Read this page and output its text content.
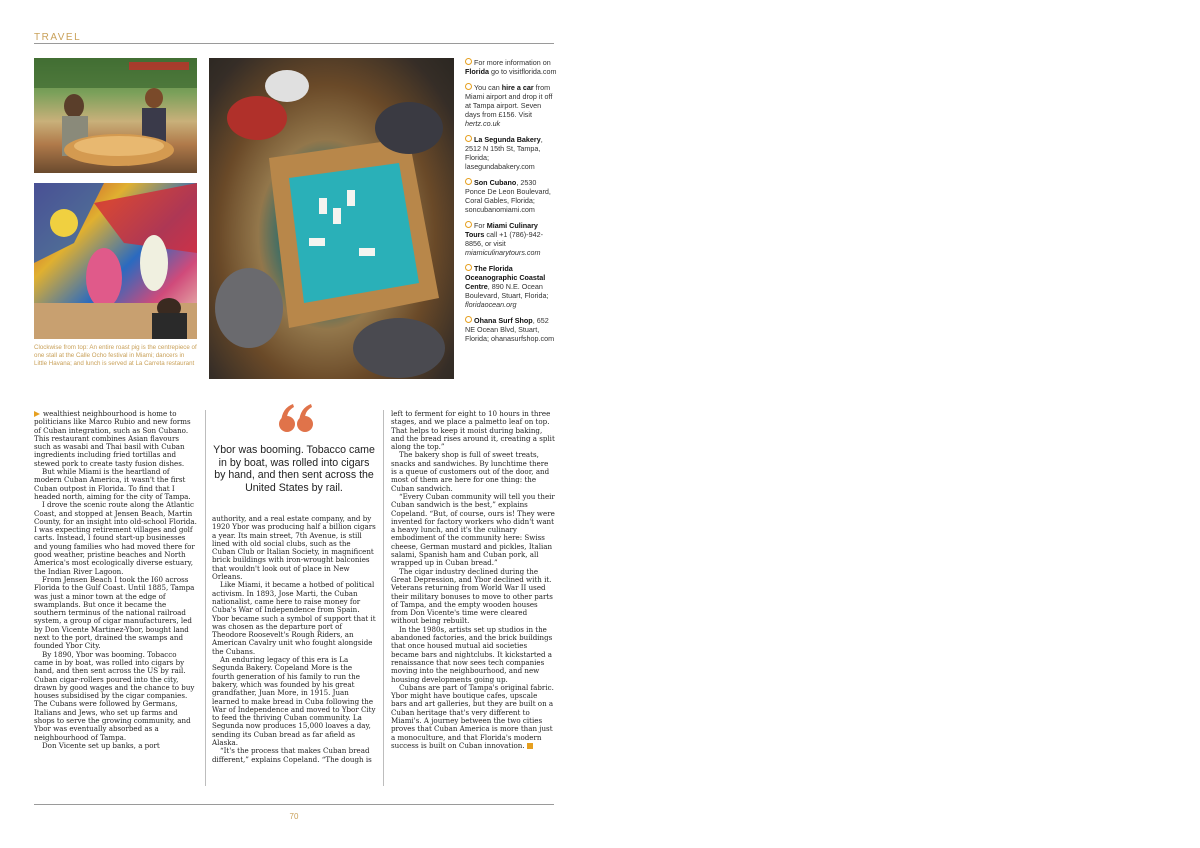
TRAVEL
Clockwise from top: An entire roast pig is the centrepiece of one stall at the Calle Ocho festival in Miami; dancers in Little Havana; and lunch is served at La Carreta restaurant
For more information on Florida go to visitflorida.com
You can hire a car from Miami airport and drop it off at Tampa airport. Seven days from £156. Visit hertz.co.uk
La Segunda Bakery, 2512 N 15th St, Tampa, Florida; lasegundabakery.com
Son Cubano, 2530 Ponce De Leon Boulevard, Coral Gables, Florida; soncubanomiami.com
For Miami Culinary Tours call +1 (786)-942-8856, or visit miamiculinarytours.com
The Florida Oceanographic Coastal Centre, 890 N.E. Ocean Boulevard, Stuart, Florida; floridaocean.org
Ohana Surf Shop, 652 NE Ocean Blvd, Stuart, Florida; ohanasurfshop.com

wealthiest neighbourhood is home to politicians like Marco Rubio and new forms of Cuban integration, such as Son Cubano. This restaurant combines Asian flavours such as wasabi and Thai basil with Cuban ingredients including fried tortillas and stewed pork to create tasty fusion dishes.

But while Miami is the heartland of modern Cuban America, it wasn't the first Cuban outpost in Florida. To find that I headed north, aiming for the city of Tampa.

I drove the scenic route along the Atlantic Coast, and stopped at Jensen Beach, Martin County, for an insight into old-school Florida. I was expecting retirement villages and golf carts. Instead, I found start-up businesses and young families who had moved there for good weather, pristine beaches and North America's most ecologically diverse estuary, the Indian River Lagoon.

From Jensen Beach I took the I60 across Florida to the Gulf Coast. Until 1885, Tampa was just a minor town at the edge of swamplands. But once it became the southern terminus of the national railroad system, a group of cigar manufacturers, led by Don Vicente Martinez-Ybor, bought land next to the port, drained the swamps and founded Ybor City.

By 1890, Ybor was booming. Tobacco came in by boat, was rolled into cigars by hand, and then sent across the US by rail. Cuban cigar-rollers poured into the city, drawn by good wages and the chance to buy houses subsidised by the cigar companies. The Cubans were followed by Germans, Italians and Jews, who set up farms and shops to serve the growing community, and Ybor was eventually absorbed as a neighbourhood of Tampa.

Don Vicente set up banks, a port

Ybor was booming. Tobacco came in by boat, was rolled into cigars by hand, and then sent across the United States by rail.

authority, and a real estate company, and by 1920 Ybor was producing half a billion cigars a year. Its main street, 7th Avenue, is still lined with old social clubs, such as the Cuban Club or Italian Society, in magnificent brick buildings with iron-wrought balconies that wouldn't look out of place in New Orleans.

Like Miami, it became a hotbed of political activism. In 1893, Jose Marti, the Cuban nationalist, came here to raise money for Cuba's War of Independence from Spain. Ybor became such a symbol of support that it was chosen as the departure port of Theodore Roosevelt's Rough Riders, an American Cavalry unit who fought alongside the Cubans.

An enduring legacy of this era is La Segunda Bakery. Copeland More is the fourth generation of his family to run the bakery, which was founded by his great grandfather, Juan More, in 1915. Juan learned to make bread in Cuba following the War of Independence and moved to Ybor City to feed the thriving Cuban community. La Segunda now produces 15,000 loaves a day, sending its Cuban bread as far afield as Alaska.

“It's the process that makes Cuban bread different,” explains Copeland. “The dough is

left to ferment for eight to 10 hours in three stages, and we place a palmetto leaf on top. That helps to keep it moist during baking, and the bread rises around it, creating a split along the top.”

The bakery shop is full of sweet treats, snacks and sandwiches. By lunchtime there is a queue of customers out of the door, and most of them are here for one thing: the Cuban sandwich.

“Every Cuban community will tell you their Cuban sandwich is the best,” explains Copeland. “But, of course, ours is! They were invented for factory workers who didn't want a heavy lunch, and it's the culinary embodiment of the community here: Swiss cheese, German mustard and pickles, Italian salami, Spanish ham and Cuban pork, all wrapped up in Cuban bread.”

The cigar industry declined during the Great Depression, and Ybor declined with it. Veterans returning from World War II used their military bonuses to move to other parts of Tampa, and the empty wooden houses from Don Vicente's time were cleared without being rebuilt.

In the 1980s, artists set up studios in the abandoned factories, and the brick buildings that once housed mutual aid societies became bars and nightclubs. It kickstarted a renaissance that now sees tech companies moving into the neighbourhood, and new housing developments going up.

Cubans are part of Tampa's original fabric. Ybor might have boutique cafes, upscale bars and art galleries, but they are built on a Cuban heritage that's very different to Miami's. A journey between the two cities proves that Cuban America is more than just a monoculture, and that Florida's modern success is built on Cuban innovation.

70
